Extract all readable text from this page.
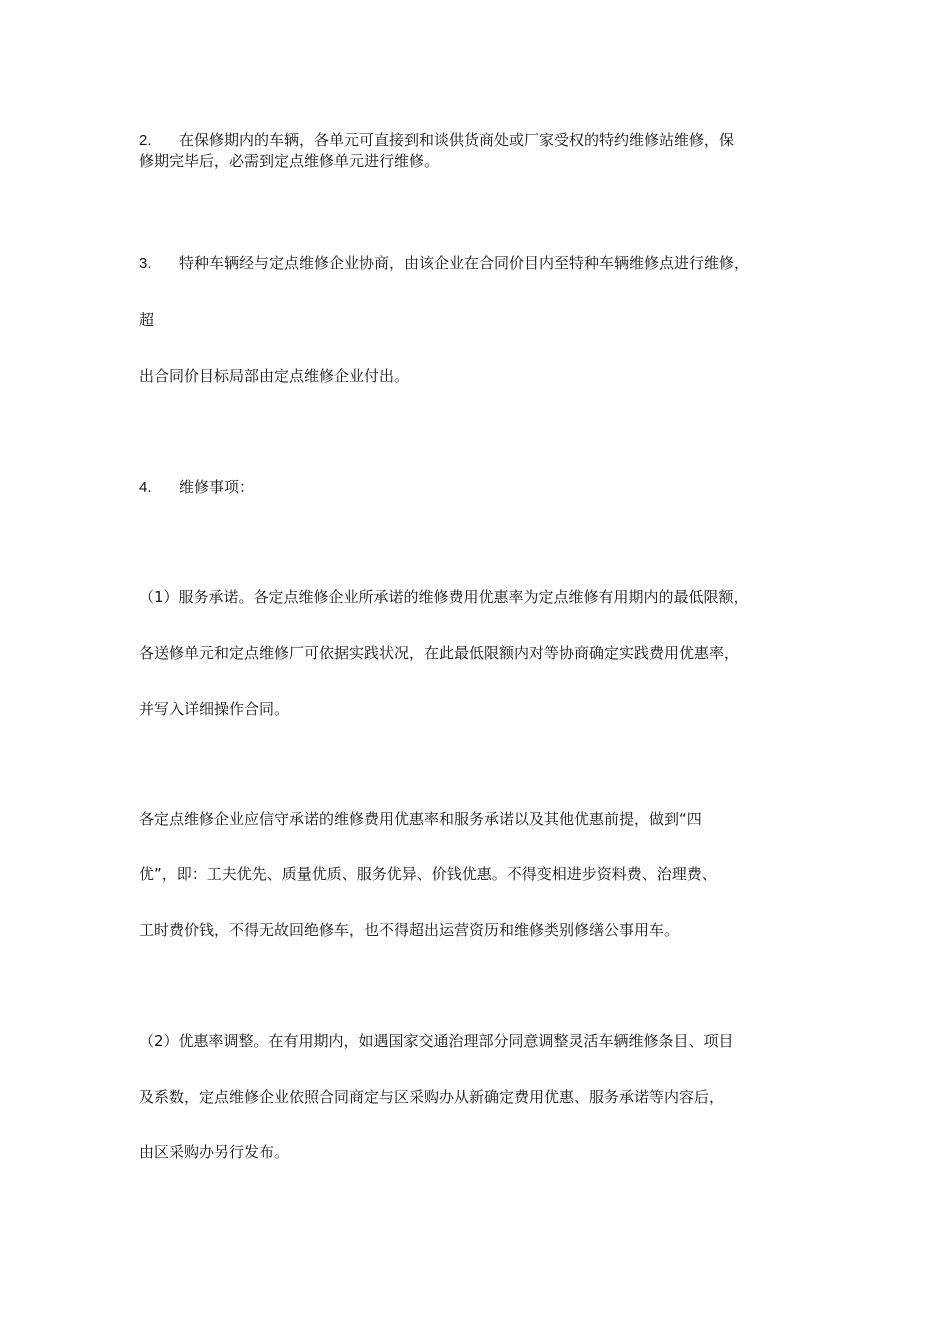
2. 在保修期内的车辆，各单元可直接到和谈供货商处或厂家受权的特约维修站维修，保

修期完毕后，必需到定点维修单元进行维修。

3. 特种车辆经与定点维修企业协商，由该企业在合同价目内至特种车辆维修点进行维修，

超

出合同价目标局部由定点维修企业付出。

4. 维修事项：

（1）服务承诺。各定点维修企业所承诺的维修费用优惠率为定点维修有用期内的最低限额，

各送修单元和定点维修厂可依据实践状况，在此最低限额内对等协商确定实践费用优惠率，

并写入详细操作合同。

各定点维修企业应信守承诺的维修费用优惠率和服务承诺以及其他优惠前提，做到“四

优”，即：工夫优先、质量优质、服务优异、价钱优惠。不得变相进步资料费、治理费、

工时费价钱，不得无故回绝修车，也不得超出运营资历和维修类别修缮公事用车。

（2）优惠率调整。在有用期内，如遇国家交通治理部分同意调整灵活车辆维修条目、项目

及系数，定点维修企业依照合同商定与区采购办从新确定费用优惠、服务承诺等内容后，

由区采购办另行发布。
